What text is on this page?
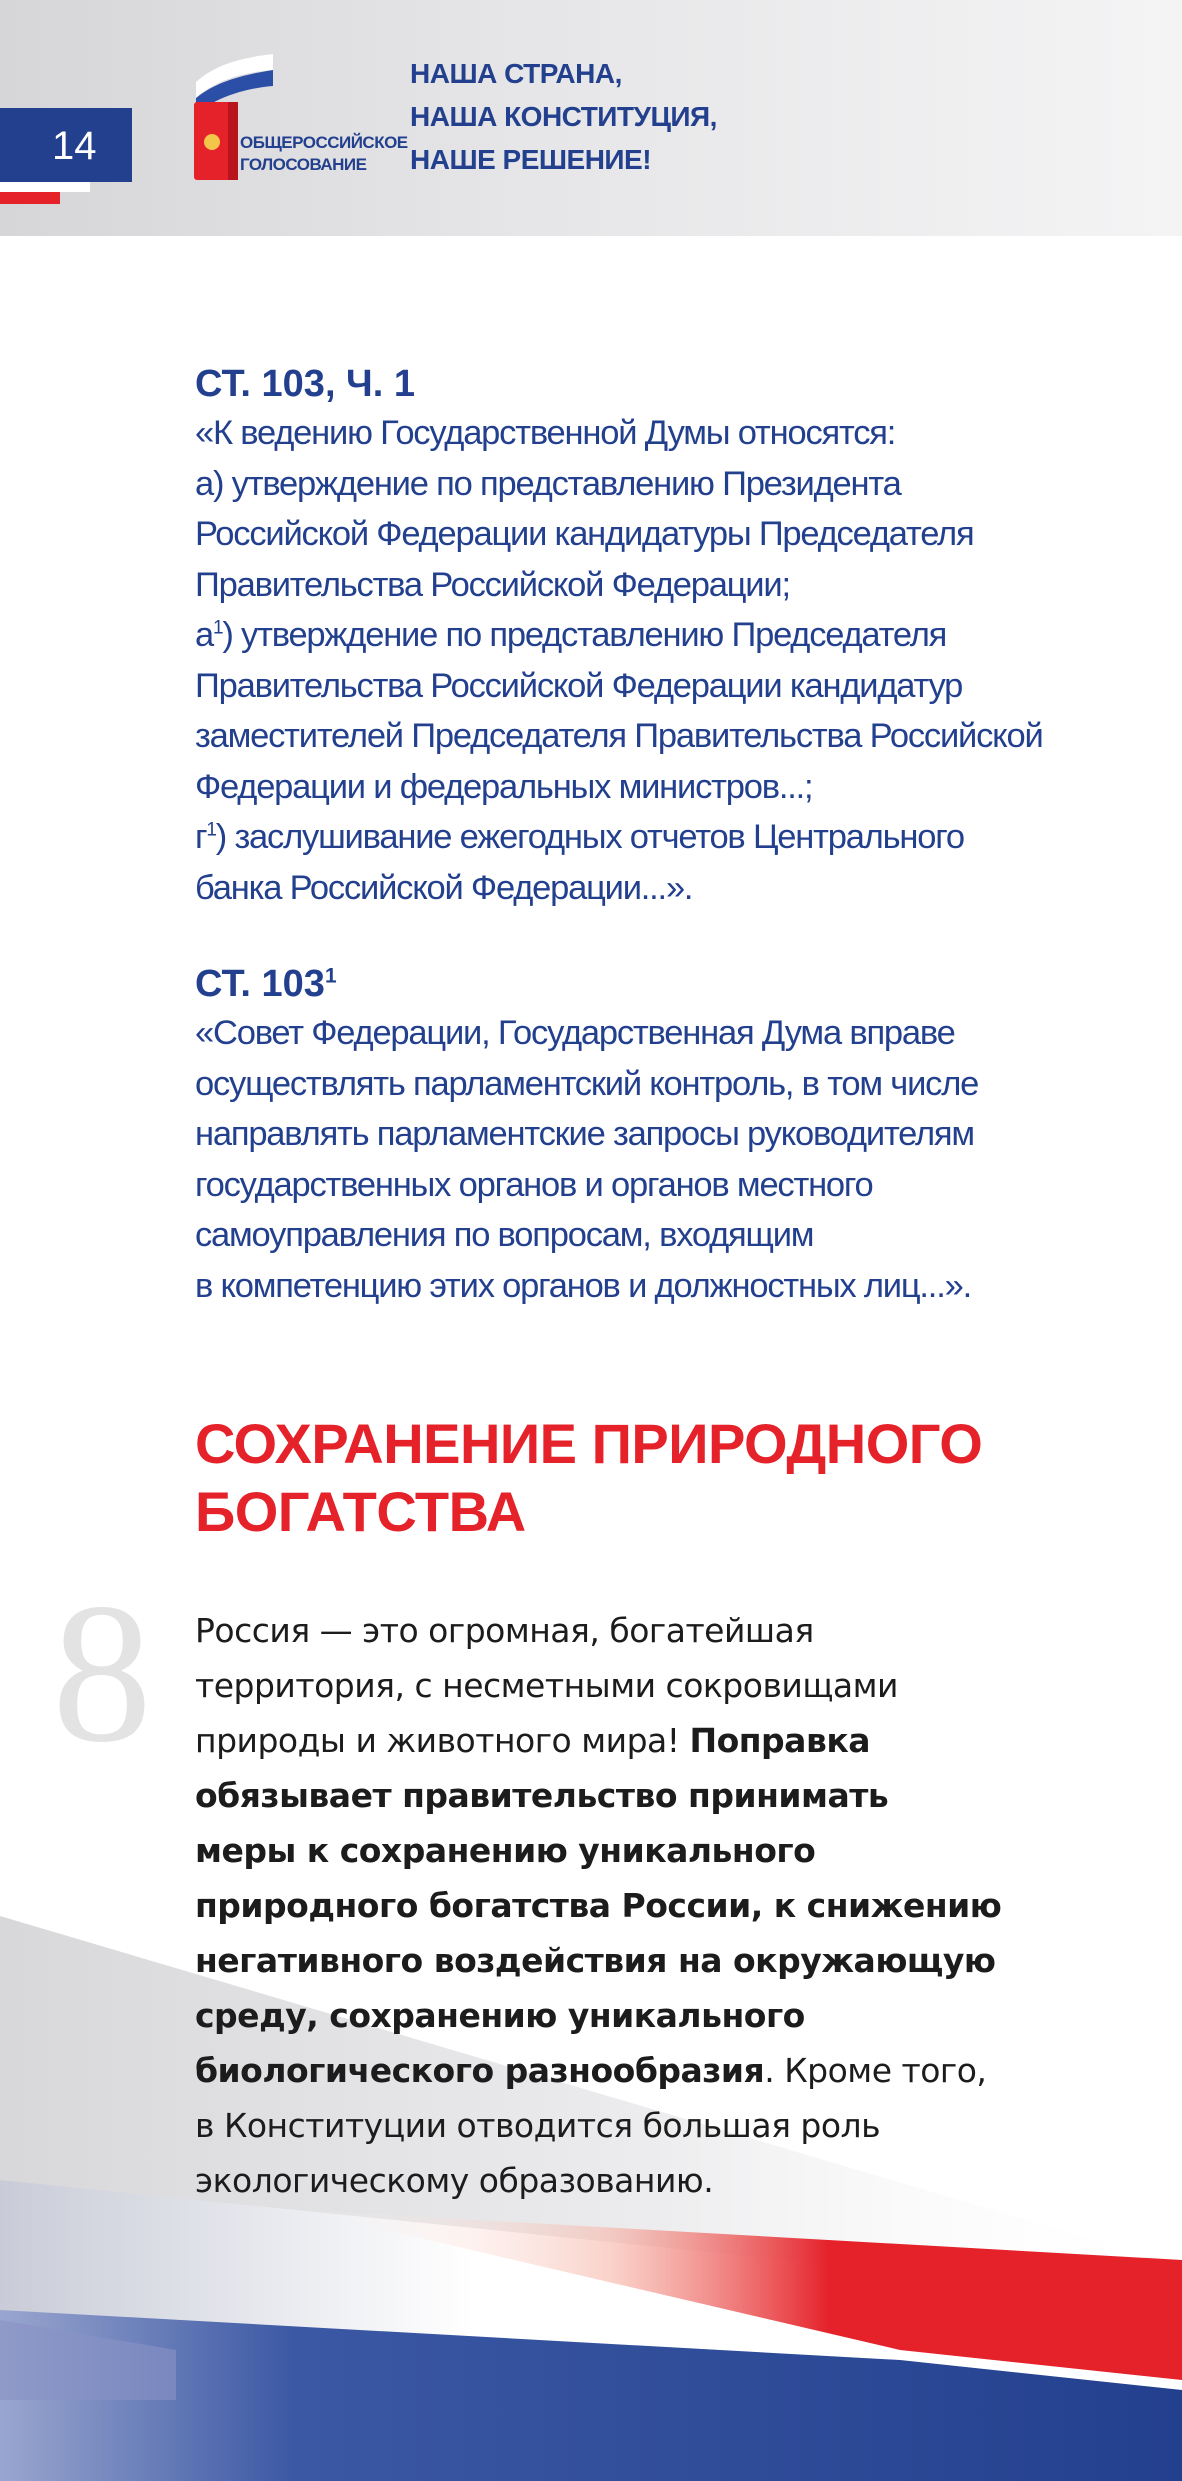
14	ОБЩЕРОССИЙСКОЕ
ГОЛОСОВАНИЕ
НАША СТРАНА,
НАША КОНСТИТУЦИЯ,
НАШЕ РЕШЕНИЕ!
СТ. 103, Ч. 1
«К ведению Государственной Думы относятся:
а) утверждение по представлению Президента
Российской Федерации кандидатуры Председателя
Правительства Российской Федерации;
$а^1$) утверждение по представлению Председателя
Правительства Российской Федерации кандидатур
заместителей Председателя Правительства Российской
Федерации и федеральных министров...;
$г^1$) заслушивание ежегодных отчетов Центрального
банка Российской Федерации...».
СТ. $103^1$
«Совет Федерации, Государственная Дума вправе
осуществлять парламентский контроль, в том числе
направлять парламентские запросы руководителям
государственных органов и органов местного
самоуправления по вопросам, входящим
в компетенцию этих органов и должностных лиц...».
СОХРАНЕНИЕ ПРИРОДНОГО
БОГАТСТВА
8 Россия — это огромная, богатейшая
территория, с несметными сокровищами
природы и животного мира! Поправка
обязывает правительство принимать
меры к сохранению уникального
природного богатства России, к снижению
негативного воздействия на окружающую
среду, сохранению уникального
биологического разнообразия. Кроме того,
в Конституции отводится большая роль
экологическому образованию.
